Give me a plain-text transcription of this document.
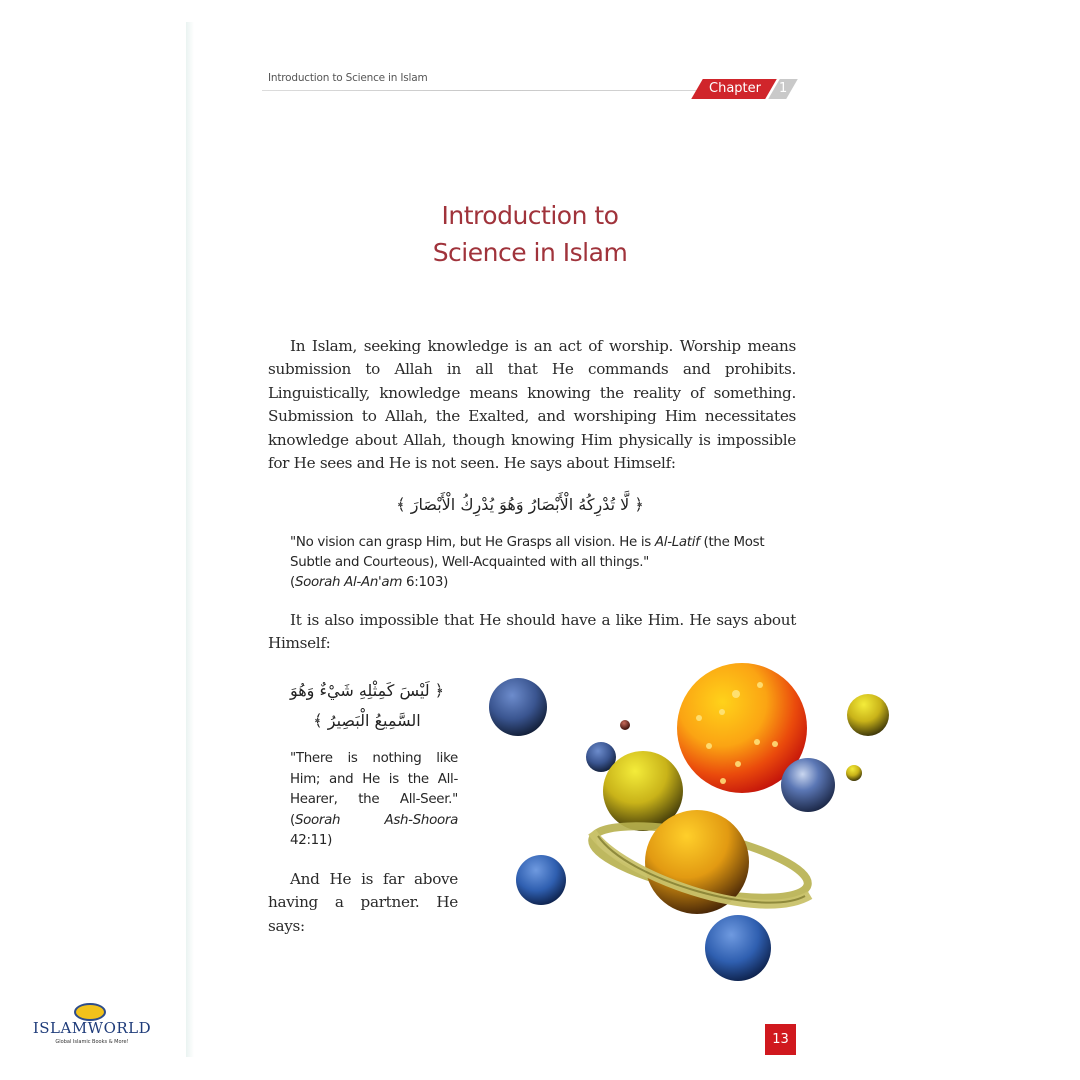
Introduction to Science in Islam
Chapter	1
Introduction to
Science in Islam
In Islam, seeking knowledge is an act of worship. Worship means submission to Allah in all that He commands and prohibits. Linguistically, knowledge means knowing the reality of something. Submission to Allah, the Exalted, and worshiping Him necessitates knowledge about Allah, though knowing Him physically is impossible for He sees and He is not seen. He says about Himself:
﴿ لَّا تُدْرِكُهُ الْأَبْصَارُ وَهُوَ يُدْرِكُ الْأَبْصَارَ ﴾
"No vision can grasp Him, but He Grasps all vision. He is Al-Latif (the Most Subtle and Courteous), Well-Acquainted with all things."
(Soorah Al-An'am 6:103)
It is also impossible that He should have a like Him. He says about Himself:
﴿ لَيْسَ كَمِثْلِهِ شَيْءٌ وَهُوَ
السَّمِيعُ الْبَصِيرُ ﴾
"There is nothing like Him; and He is the All-Hearer, the All-Seer." (Soorah Ash-Shoora 42:11)
And He is far above having a partner. He says:
13
ISLAMWORLD
Global Islamic Books & More!
